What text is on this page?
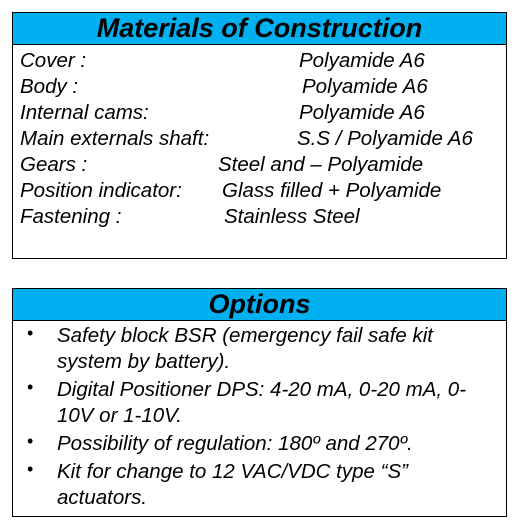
Materials of Construction
Cover :	Polyamide A6
Body :	Polyamide A6
Internal cams:	Polyamide A6
Main externals shaft:	S.S / Polyamide A6
Gears :	Steel and – Polyamide
Position indicator: Glass filled + Polyamide
Fastening :	Stainless Steel
Options
• Safety block BSR (emergency fail safe kit system by battery).
• Digital Positioner DPS: 4-20 mA, 0-20 mA, 0-10V or 1-10V.
• Possibility of regulation: 180º and 270º.
• Kit for change to 12 VAC/VDC type “S” actuators.
